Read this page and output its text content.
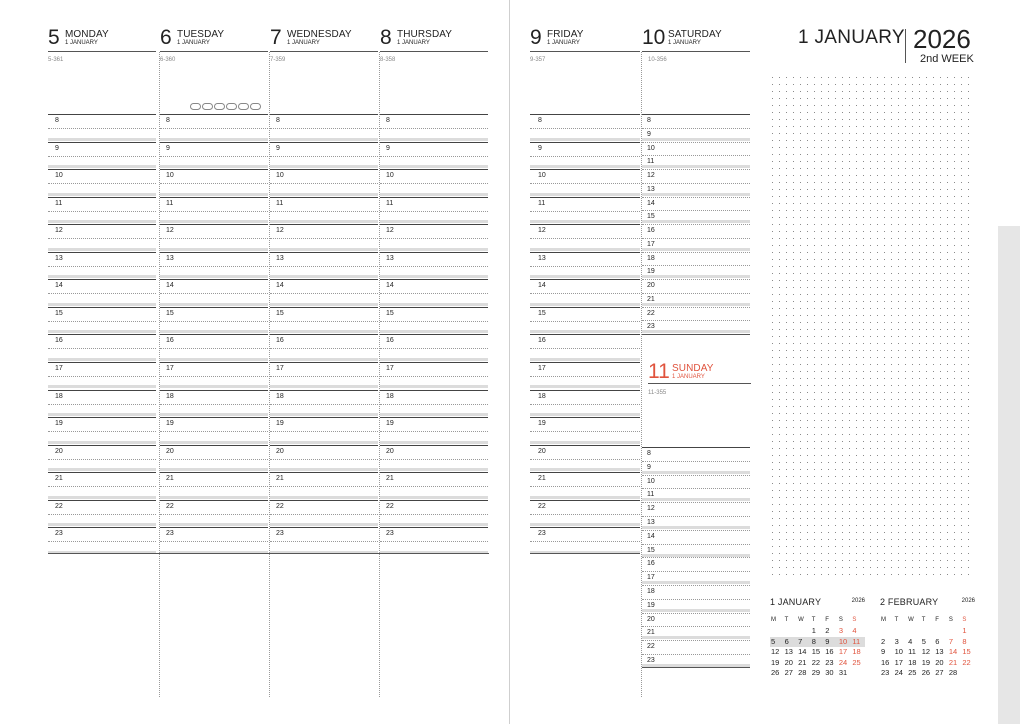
5 MONDAY
1 JANUARY
5-361
6 TUESDAY
1 JANUARY
6-360
7 WEDNESDAY
1 JANUARY
7-359
8 THURSDAY
1 JANUARY
8-358
8
9
10
11
12
13
14
15
16
17
18
19
20
21
22
23
8
9
10
11
12
13
14
15
16
17
18
19
20
21
22
23
8
9
10
11
12
13
14
15
16
17
18
19
20
21
22
23
8
9
10
11
12
13
14
15
16
17
18
19
20
21
22
23
9 FRIDAY
1 JANUARY	10 SATURDAY
1 JANUARY
9-357	10-356
8
9
10
11
12
13
14
15
16
17
18
19
20
21
22
23
8
9
10
11
12
13
14
15
16
17
18
19
20
21
22
23
11 SUNDAY
1 JANUARY
11-355
8
9
10
11
12
13
14
15
16
17
18
19
20
21
22
23
1 JANUARY 2026
2nd WEEK
1 JANUARY	2026
M	T	W	T	F	S	S
			1	2	3	4
5	6	7	8	9	10	11
12	13	14	15	16	17	18
19	20	21	22	23	24	25
26	27	28	29	30	31	
2 FEBRUARY	2026
M	T	W	T	F	S	S
						1
2	3	4	5	6	7	8
9	10	11	12	13	14	15
16	17	18	19	20	21	22
23	24	25	26	27	28	
